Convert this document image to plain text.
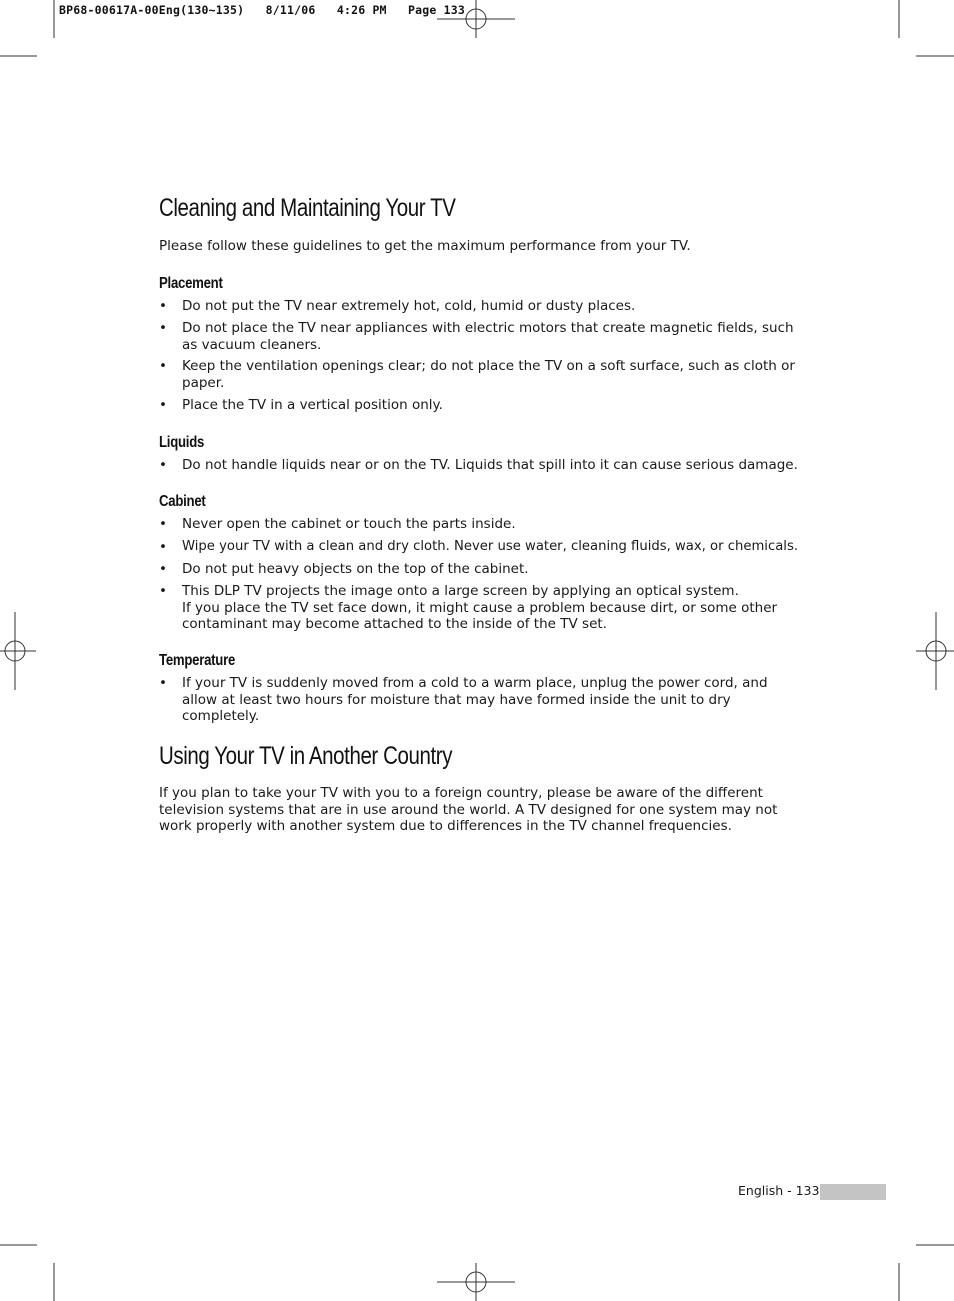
BP68-00617A-00Eng(130~135)   8/11/06   4:26 PM   Page 133
Cleaning and Maintaining Your TV

Please follow these guidelines to get the maximum performance from your TV.

Placement
• Do not put the TV near extremely hot, cold, humid or dusty places.
• Do not place the TV near appliances with electric motors that create magnetic fields, such as vacuum cleaners.
• Keep the ventilation openings clear; do not place the TV on a soft surface, such as cloth or paper.
• Place the TV in a vertical position only.
Liquids
• Do not handle liquids near or on the TV. Liquids that spill into it can cause serious damage.
Cabinet
• Never open the cabinet or touch the parts inside.
• Wipe your TV with a clean and dry cloth. Never use water, cleaning fluids, wax, or chemicals.
• Do not put heavy objects on the top of the cabinet.
• This DLP TV projects the image onto a large screen by applying an optical system.
If you place the TV set face down, it might cause a problem because dirt, or some other contaminant may become attached to the inside of the TV set.
Temperature
• If your TV is suddenly moved from a cold to a warm place, unplug the power cord, and allow at least two hours for moisture that may have formed inside the unit to dry completely.
Using Your TV in Another Country

If you plan to take your TV with you to a foreign country, please be aware of the different television systems that are in use around the world. A TV designed for one system may not work properly with another system due to differences in the TV channel frequencies.

English - 133
